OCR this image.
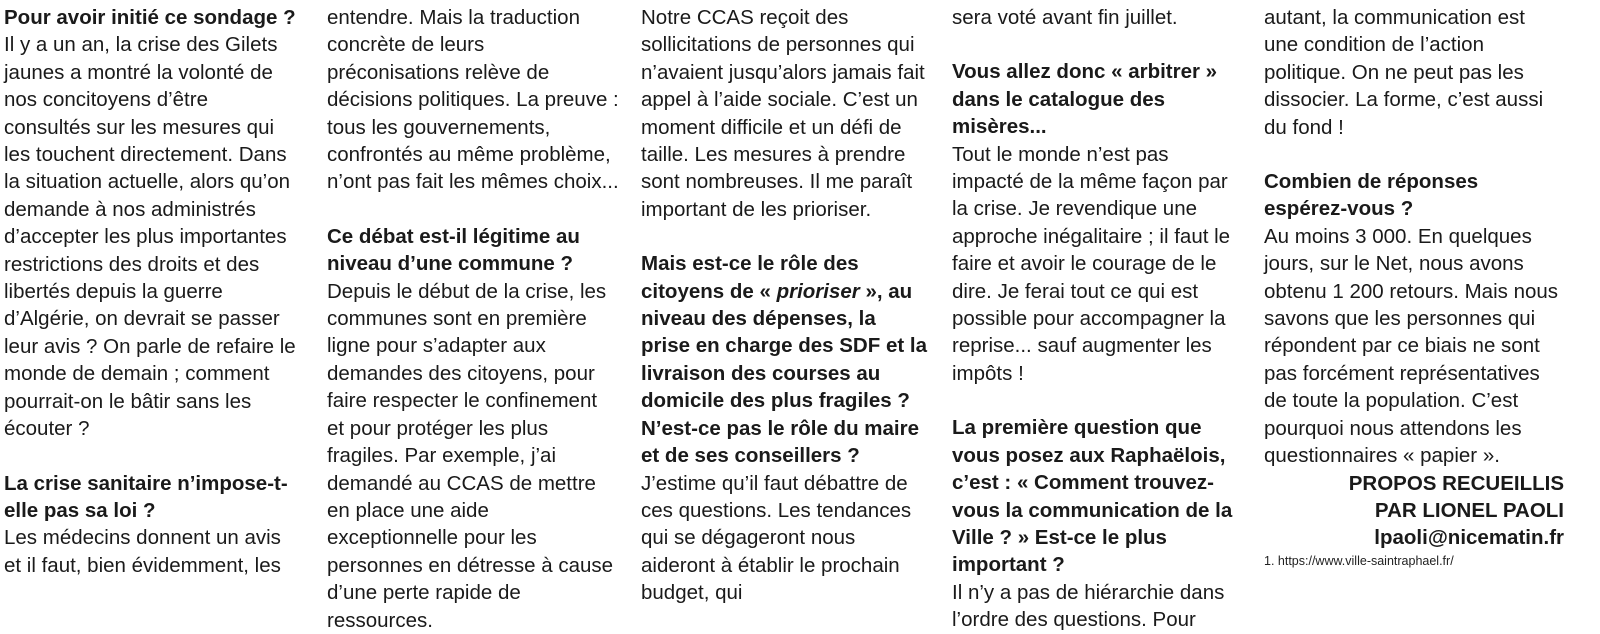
Pour avoir initié ce sondage ?

Il y a un an, la crise des Gilets jaunes a montré la volonté de nos concitoyens d’être consultés sur les mesures qui les touchent directement. Dans la situation actuelle, alors qu’on demande à nos administrés d’accepter les plus importantes restrictions des droits et des libertés depuis la guerre d’Algérie, on devrait se passer leur avis ? On parle de refaire le monde de demain ; comment pourrait-on le bâtir sans les écouter ?

La crise sanitaire n’impose-t-elle pas sa loi ?

Les médecins donnent un avis et il faut, bien évidemment, les

entendre. Mais la traduction concrète de leurs préconisations relève de décisions politiques. La preuve : tous les gouvernements, confrontés au même problème, n’ont pas fait les mêmes choix...

Ce débat est-il légitime au niveau d’une commune ?

Depuis le début de la crise, les communes sont en première ligne pour s’adapter aux demandes des citoyens, pour faire respecter le confinement et pour protéger les plus fragiles. Par exemple, j’ai demandé au CCAS de mettre en place une aide exceptionnelle pour les personnes en détresse à cause d’une perte rapide de ressources.

Notre CCAS reçoit des sollicitations de personnes qui n’avaient jusqu’alors jamais fait appel à l’aide sociale. C’est un moment difficile et un défi de taille. Les mesures à prendre sont nombreuses. Il me paraît important de les prioriser.

Mais est-ce le rôle des citoyens de « prioriser », au niveau des dépenses, la prise en charge des SDF et la livraison des courses au domicile des plus fragiles ? N’est-ce pas le rôle du maire et de ses conseillers ?

J’estime qu’il faut débattre de ces questions. Les tendances qui se dégageront nous aideront à établir le prochain budget, qui

sera voté avant fin juillet.

Vous allez donc « arbitrer » dans le catalogue des misères...

Tout le monde n’est pas impacté de la même façon par la crise. Je revendique une approche inégalitaire ; il faut le faire et avoir le courage de le dire. Je ferai tout ce qui est possible pour accompagner la reprise... sauf augmenter les impôts !

La première question que vous posez aux Raphaëlois, c’est : « Comment trouvez-vous la communication de la Ville ? » Est-ce le plus important ?

Il n’y a pas de hiérarchie dans l’ordre des questions. Pour

autant, la communication est une condition de l’action politique. On ne peut pas les dissocier. La forme, c’est aussi du fond !

Combien de réponses espérez-vous ?

Au moins 3 000. En quelques jours, sur le Net, nous avons obtenu 1 200 retours. Mais nous savons que les personnes qui répondent par ce biais ne sont pas forcément représentatives de toute la population. C’est pourquoi nous attendons les questionnaires « papier ».

PROPOS RECUEILLIS

PAR LIONEL PAOLI

lpaoli@nicematin.fr

1. https://www.ville-saintraphael.fr/
